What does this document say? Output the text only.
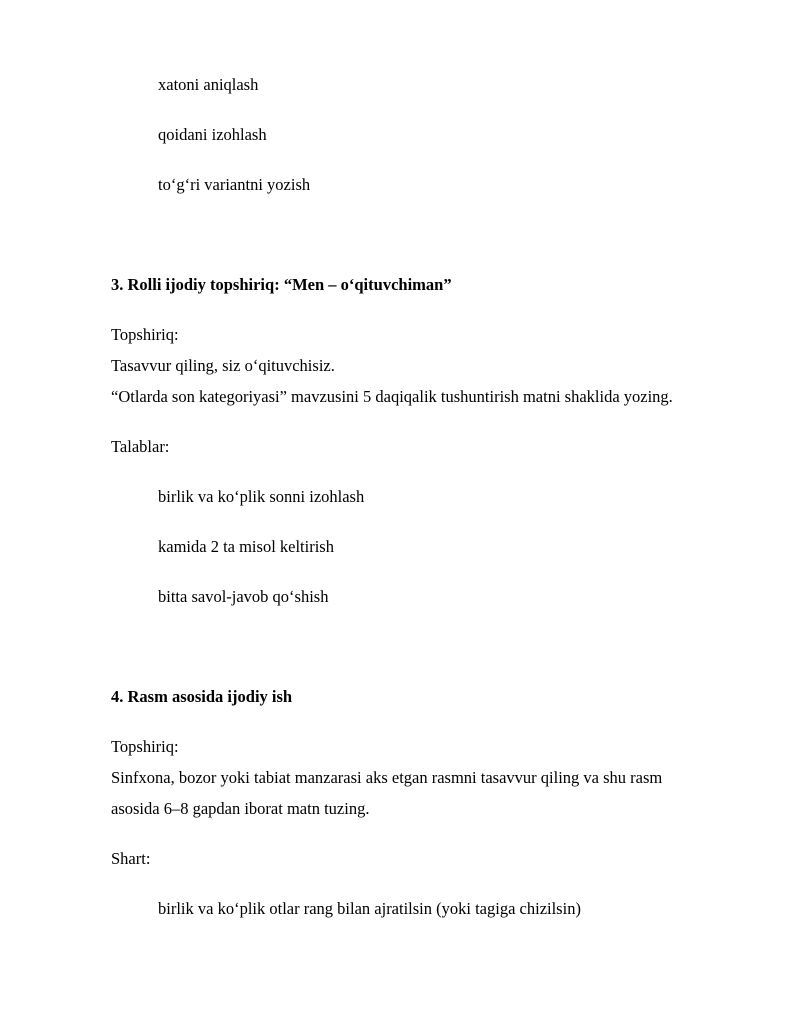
xatoni aniqlash
qoidani izohlash
to‘g‘ri variantni yozish
3. Rolli ijodiy topshiriq: “Men – o‘qituvchiman”
Topshiriq:
Tasavvur qiling, siz o‘qituvchisiz.
“Otlarda son kategoriyasi” mavzusini 5 daqiqalik tushuntirish matni shaklida yozing.
Talablar:
birlik va ko‘plik sonni izohlash
kamida 2 ta misol keltirish
bitta savol-javob qo‘shish
4. Rasm asosida ijodiy ish
Topshiriq:
Sinfxona, bozor yoki tabiat manzarasi aks etgan rasmni tasavvur qiling va shu rasm
asosida 6–8 gapdan iborat matn tuzing.
Shart:
birlik va ko‘plik otlar rang bilan ajratilsin (yoki tagiga chizilsin)
